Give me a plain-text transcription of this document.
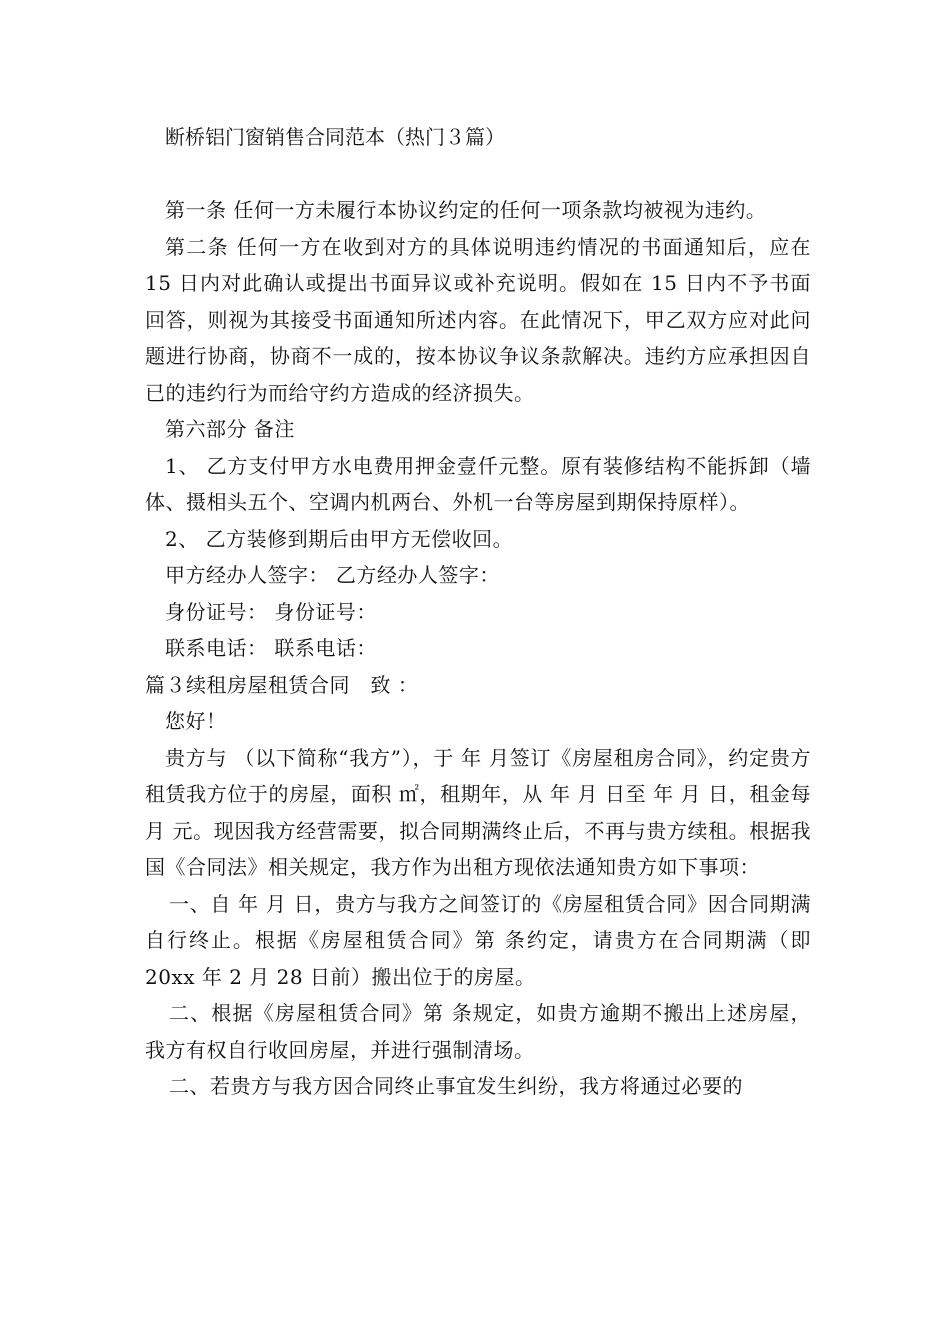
断桥铝门窗销售合同范本（热门３篇）

第一条 任何一方未履行本协议约定的任何一项条款均被视为违约。

第二条 任何一方在收到对方的具体说明违约情况的书面通知后，应在 15 日内对此确认或提出书面异议或补充说明。假如在 15 日内不予书面回答，则视为其接受书面通知所述内容。在此情况下，甲乙双方应对此问题进行协商，协商不一成的，按本协议争议条款解决。违约方应承担因自已的违约行为而给守约方造成的经济损失。

第六部分 备注

1、 乙方支付甲方水电费用押金壹仟元整。原有装修结构不能拆卸（墙体、摄相头五个、空调内机两台、外机一台等房屋到期保持原样）。

2、 乙方装修到期后由甲方无偿收回。

甲方经办人签字： 乙方经办人签字：

身份证号： 身份证号：

联系电话： 联系电话：

篇３续租房屋租赁合同　致 ：

您好！

贵方与 （以下简称“我方”），于 年 月签订《房屋租房合同》，约定贵方租赁我方位于的房屋，面积 ㎡，租期年，从 年 月 日至 年 月 日，租金每月 元。现因我方经营需要，拟合同期满终止后，不再与贵方续租。根据我国《合同法》相关规定，我方作为出租方现依法通知贵方如下事项：

一、自 年 月 日，贵方与我方之间签订的《房屋租赁合同》因合同期满自行终止。根据《房屋租赁合同》第 条约定，请贵方在合同期满（即 20xx 年 2 月 28 日前）搬出位于的房屋。

二、根据《房屋租赁合同》第 条规定，如贵方逾期不搬出上述房屋，我方有权自行收回房屋，并进行强制清场。

二、若贵方与我方因合同终止事宜发生纠纷，我方将通过必要的
